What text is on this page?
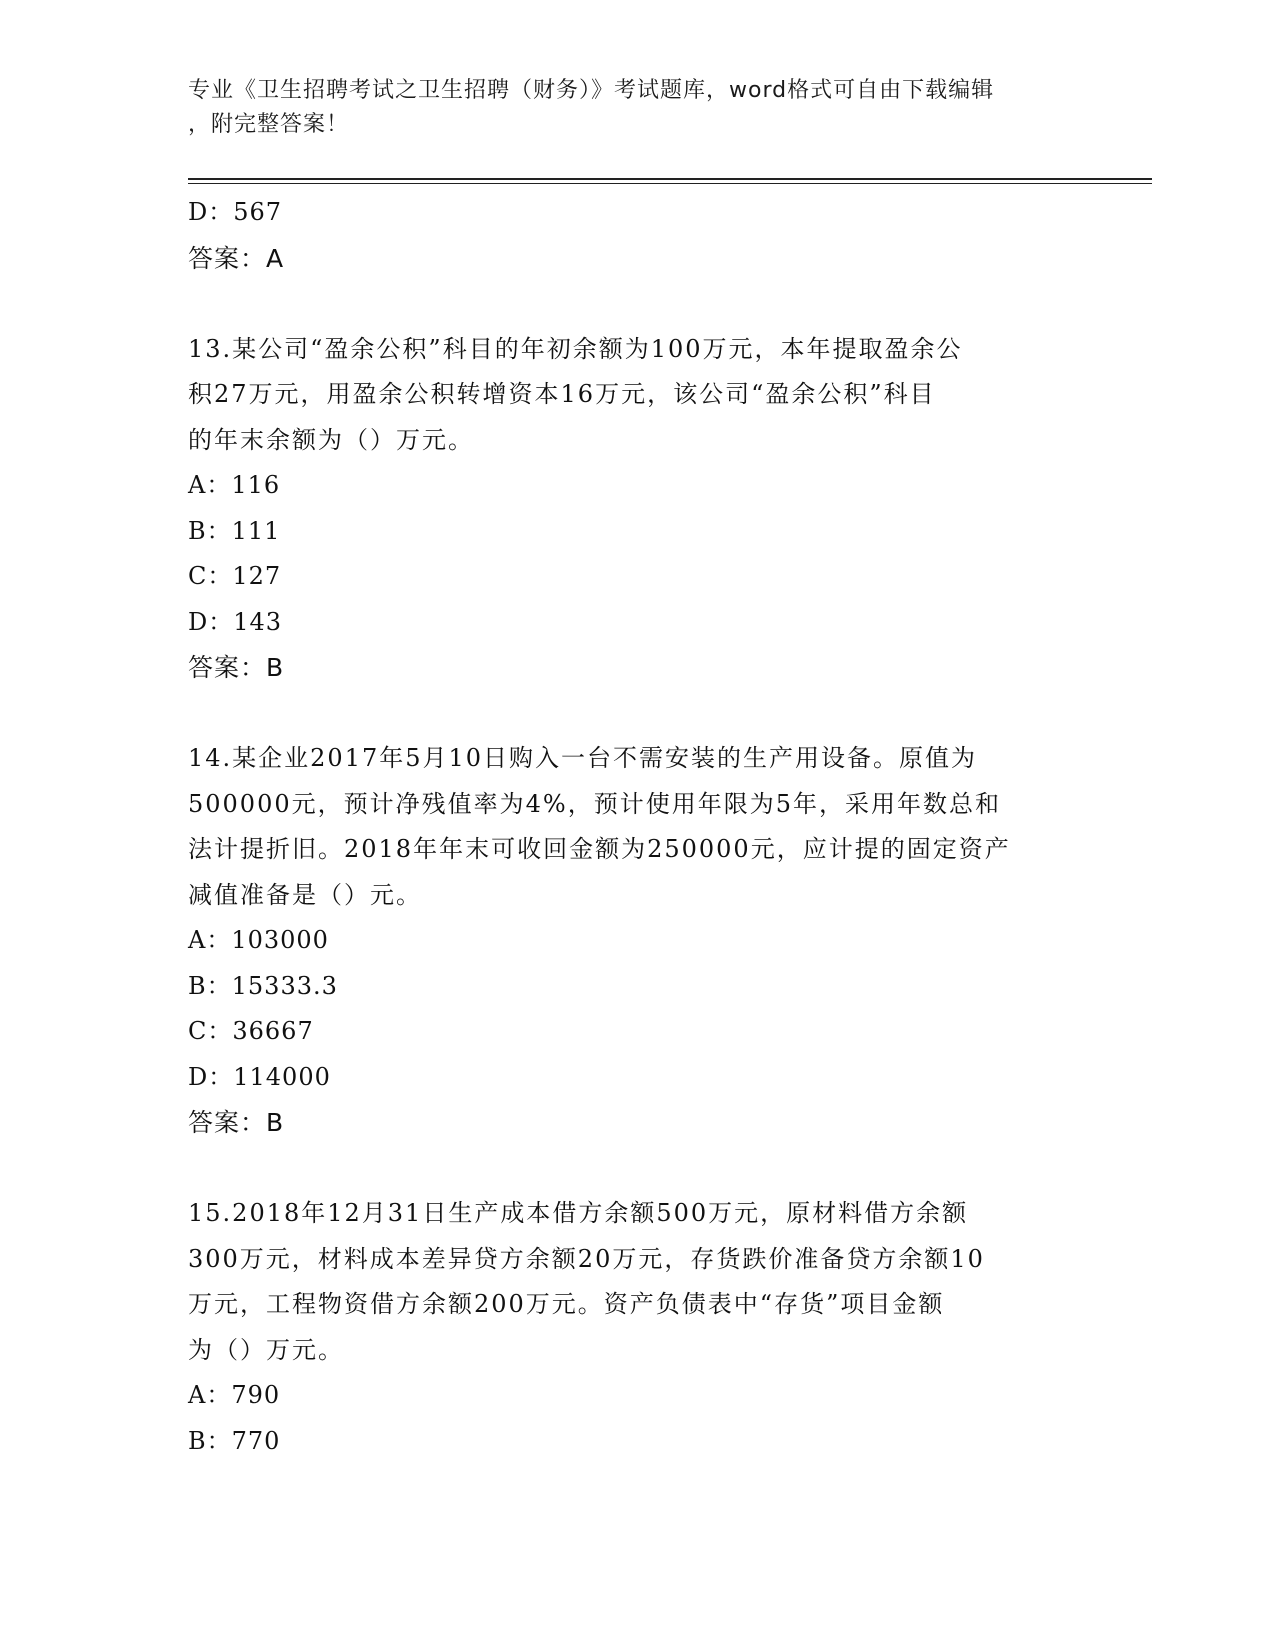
专业《卫生招聘考试之卫生招聘（财务）》考试题库，word格式可自由下载编辑
，附完整答案！
D：567
答案：A
13.某公司“盈余公积”科目的年初余额为100万元，本年提取盈余公
积27万元，用盈余公积转增资本16万元，该公司“盈余公积”科目
的年末余额为（）万元。
A：116
B：111
C：127
D：143
答案：B
14.某企业2017年5月10日购入一台不需安装的生产用设备。原值为
500000元，预计净残值率为4%，预计使用年限为5年，采用年数总和
法计提折旧。2018年年末可收回金额为250000元，应计提的固定资产
减值准备是（）元。
A：103000
B：15333.3
C：36667
D：114000
答案：B
15.2018年12月31日生产成本借方余额500万元，原材料借方余额
300万元，材料成本差异贷方余额20万元，存货跌价准备贷方余额10
万元，工程物资借方余额200万元。资产负债表中“存货”项目金额
为（）万元。
A：790
B：770
